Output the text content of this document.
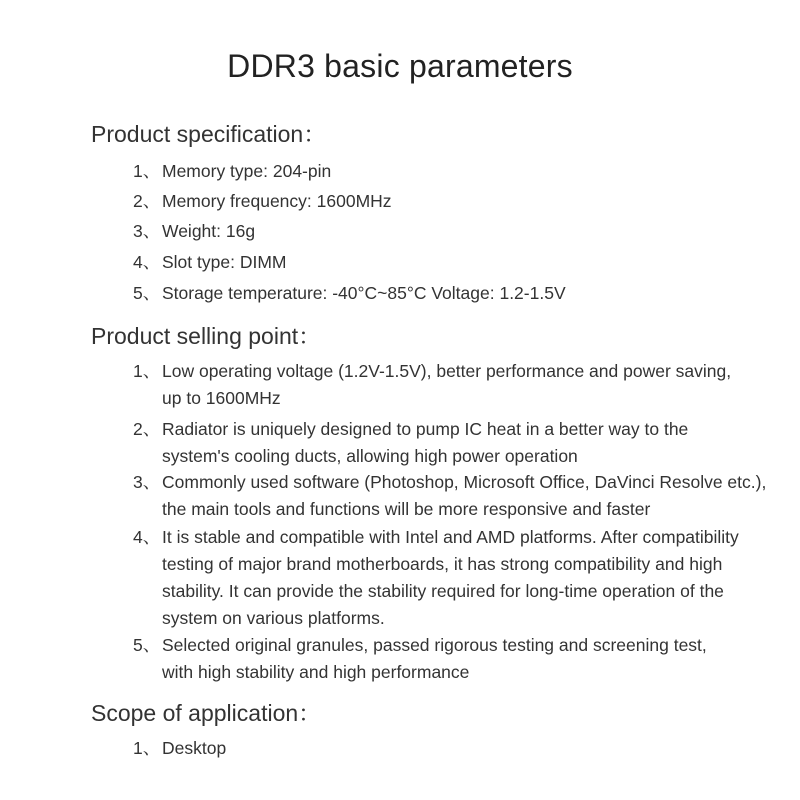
DDR3 basic parameters
Product specification：
1、 Memory type: 204-pin
2、 Memory frequency: 1600MHz
3、 Weight: 16g
4、 Slot type: DIMM
5、 Storage temperature: -40°C~85°C Voltage: 1.2-1.5V
Product selling point：
1、 Low operating voltage (1.2V-1.5V), better performance and power saving, up to 1600MHz
2、 Radiator is uniquely designed to pump IC heat in a better way to the system's cooling ducts, allowing high power operation
3、 Commonly used software (Photoshop, Microsoft Office, DaVinci Resolve etc.), the main tools and functions will be more responsive and faster
4、 It is stable and compatible with Intel and AMD platforms. After compatibility testing of major brand motherboards, it has strong compatibility and high stability. It can provide the stability required for long-time operation of the system on various platforms.
5、 Selected original granules, passed rigorous testing and screening test, with high stability and high performance
Scope of application：
1、 Desktop
